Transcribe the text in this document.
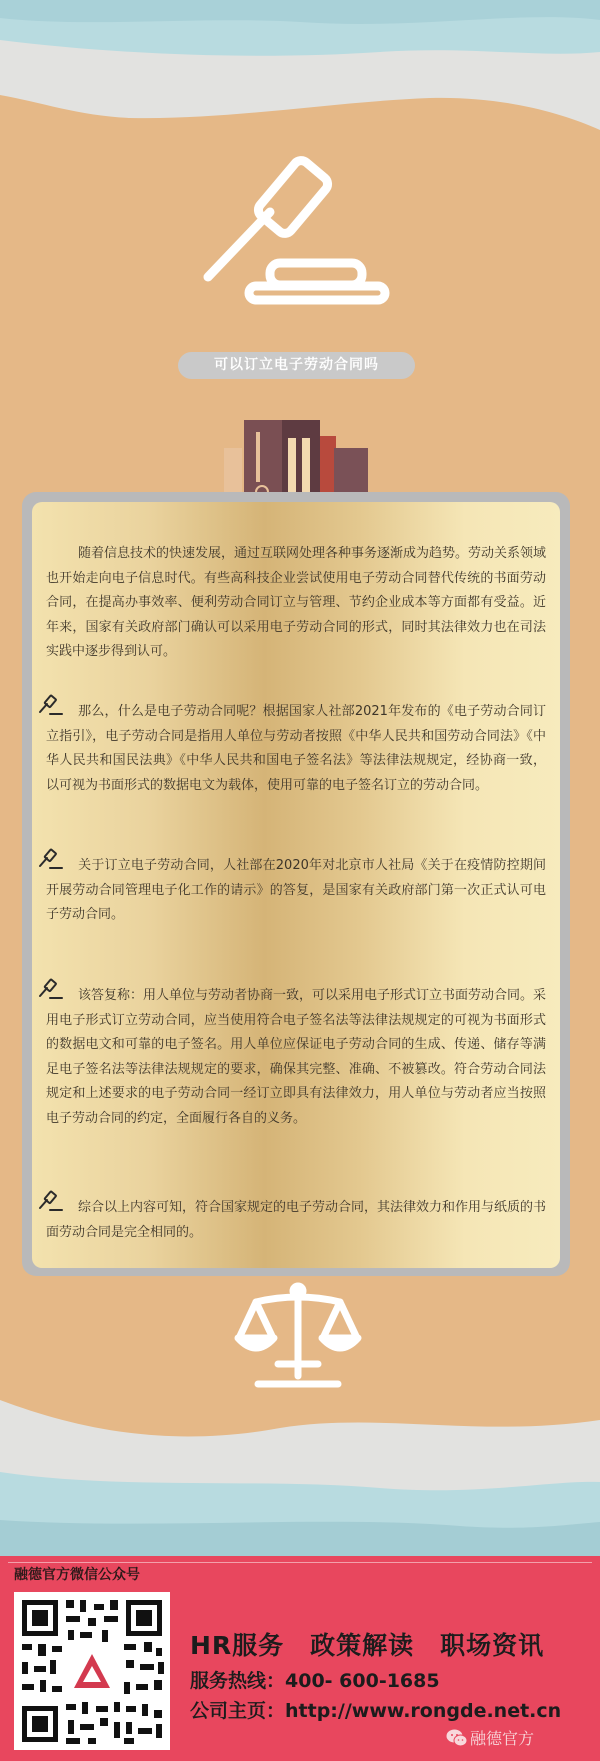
可以订立电子劳动合同吗

随着信息技术的快速发展，通过互联网处理各种事务逐渐成为趋势。劳动关系领域也开始走向电子信息时代。有些高科技企业尝试使用电子劳动合同替代传统的书面劳动合同，在提高办事效率、便利劳动合同订立与管理、节约企业成本等方面都有受益。近年来，国家有关政府部门确认可以采用电子劳动合同的形式，同时其法律效力也在司法实践中逐步得到认可。

那么，什么是电子劳动合同呢？根据国家人社部2021年发布的《电子劳动合同订立指引》，电子劳动合同是指用人单位与劳动者按照《中华人民共和国劳动合同法》《中华人民共和国民法典》《中华人民共和国电子签名法》等法律法规规定，经协商一致，以可视为书面形式的数据电文为载体，使用可靠的电子签名订立的劳动合同。

关于订立电子劳动合同，人社部在2020年对北京市人社局《关于在疫情防控期间开展劳动合同管理电子化工作的请示》的答复，是国家有关政府部门第一次正式认可电子劳动合同。

该答复称：用人单位与劳动者协商一致，可以采用电子形式订立书面劳动合同。采用电子形式订立劳动合同，应当使用符合电子签名法等法律法规规定的可视为书面形式的数据电文和可靠的电子签名。用人单位应保证电子劳动合同的生成、传递、储存等满足电子签名法等法律法规规定的要求，确保其完整、准确、不被篡改。符合劳动合同法规定和上述要求的电子劳动合同一经订立即具有法律效力，用人单位与劳动者应当按照电子劳动合同的约定，全面履行各自的义务。

综合以上内容可知，符合国家规定的电子劳动合同，其法律效力和作用与纸质的书面劳动合同是完全相同的。

融德官方微信公众号
HR服务　政策解读　职场资讯
服务热线：400- 600-1685
公司主页：http://www.rongde.net.cn
融德官方
